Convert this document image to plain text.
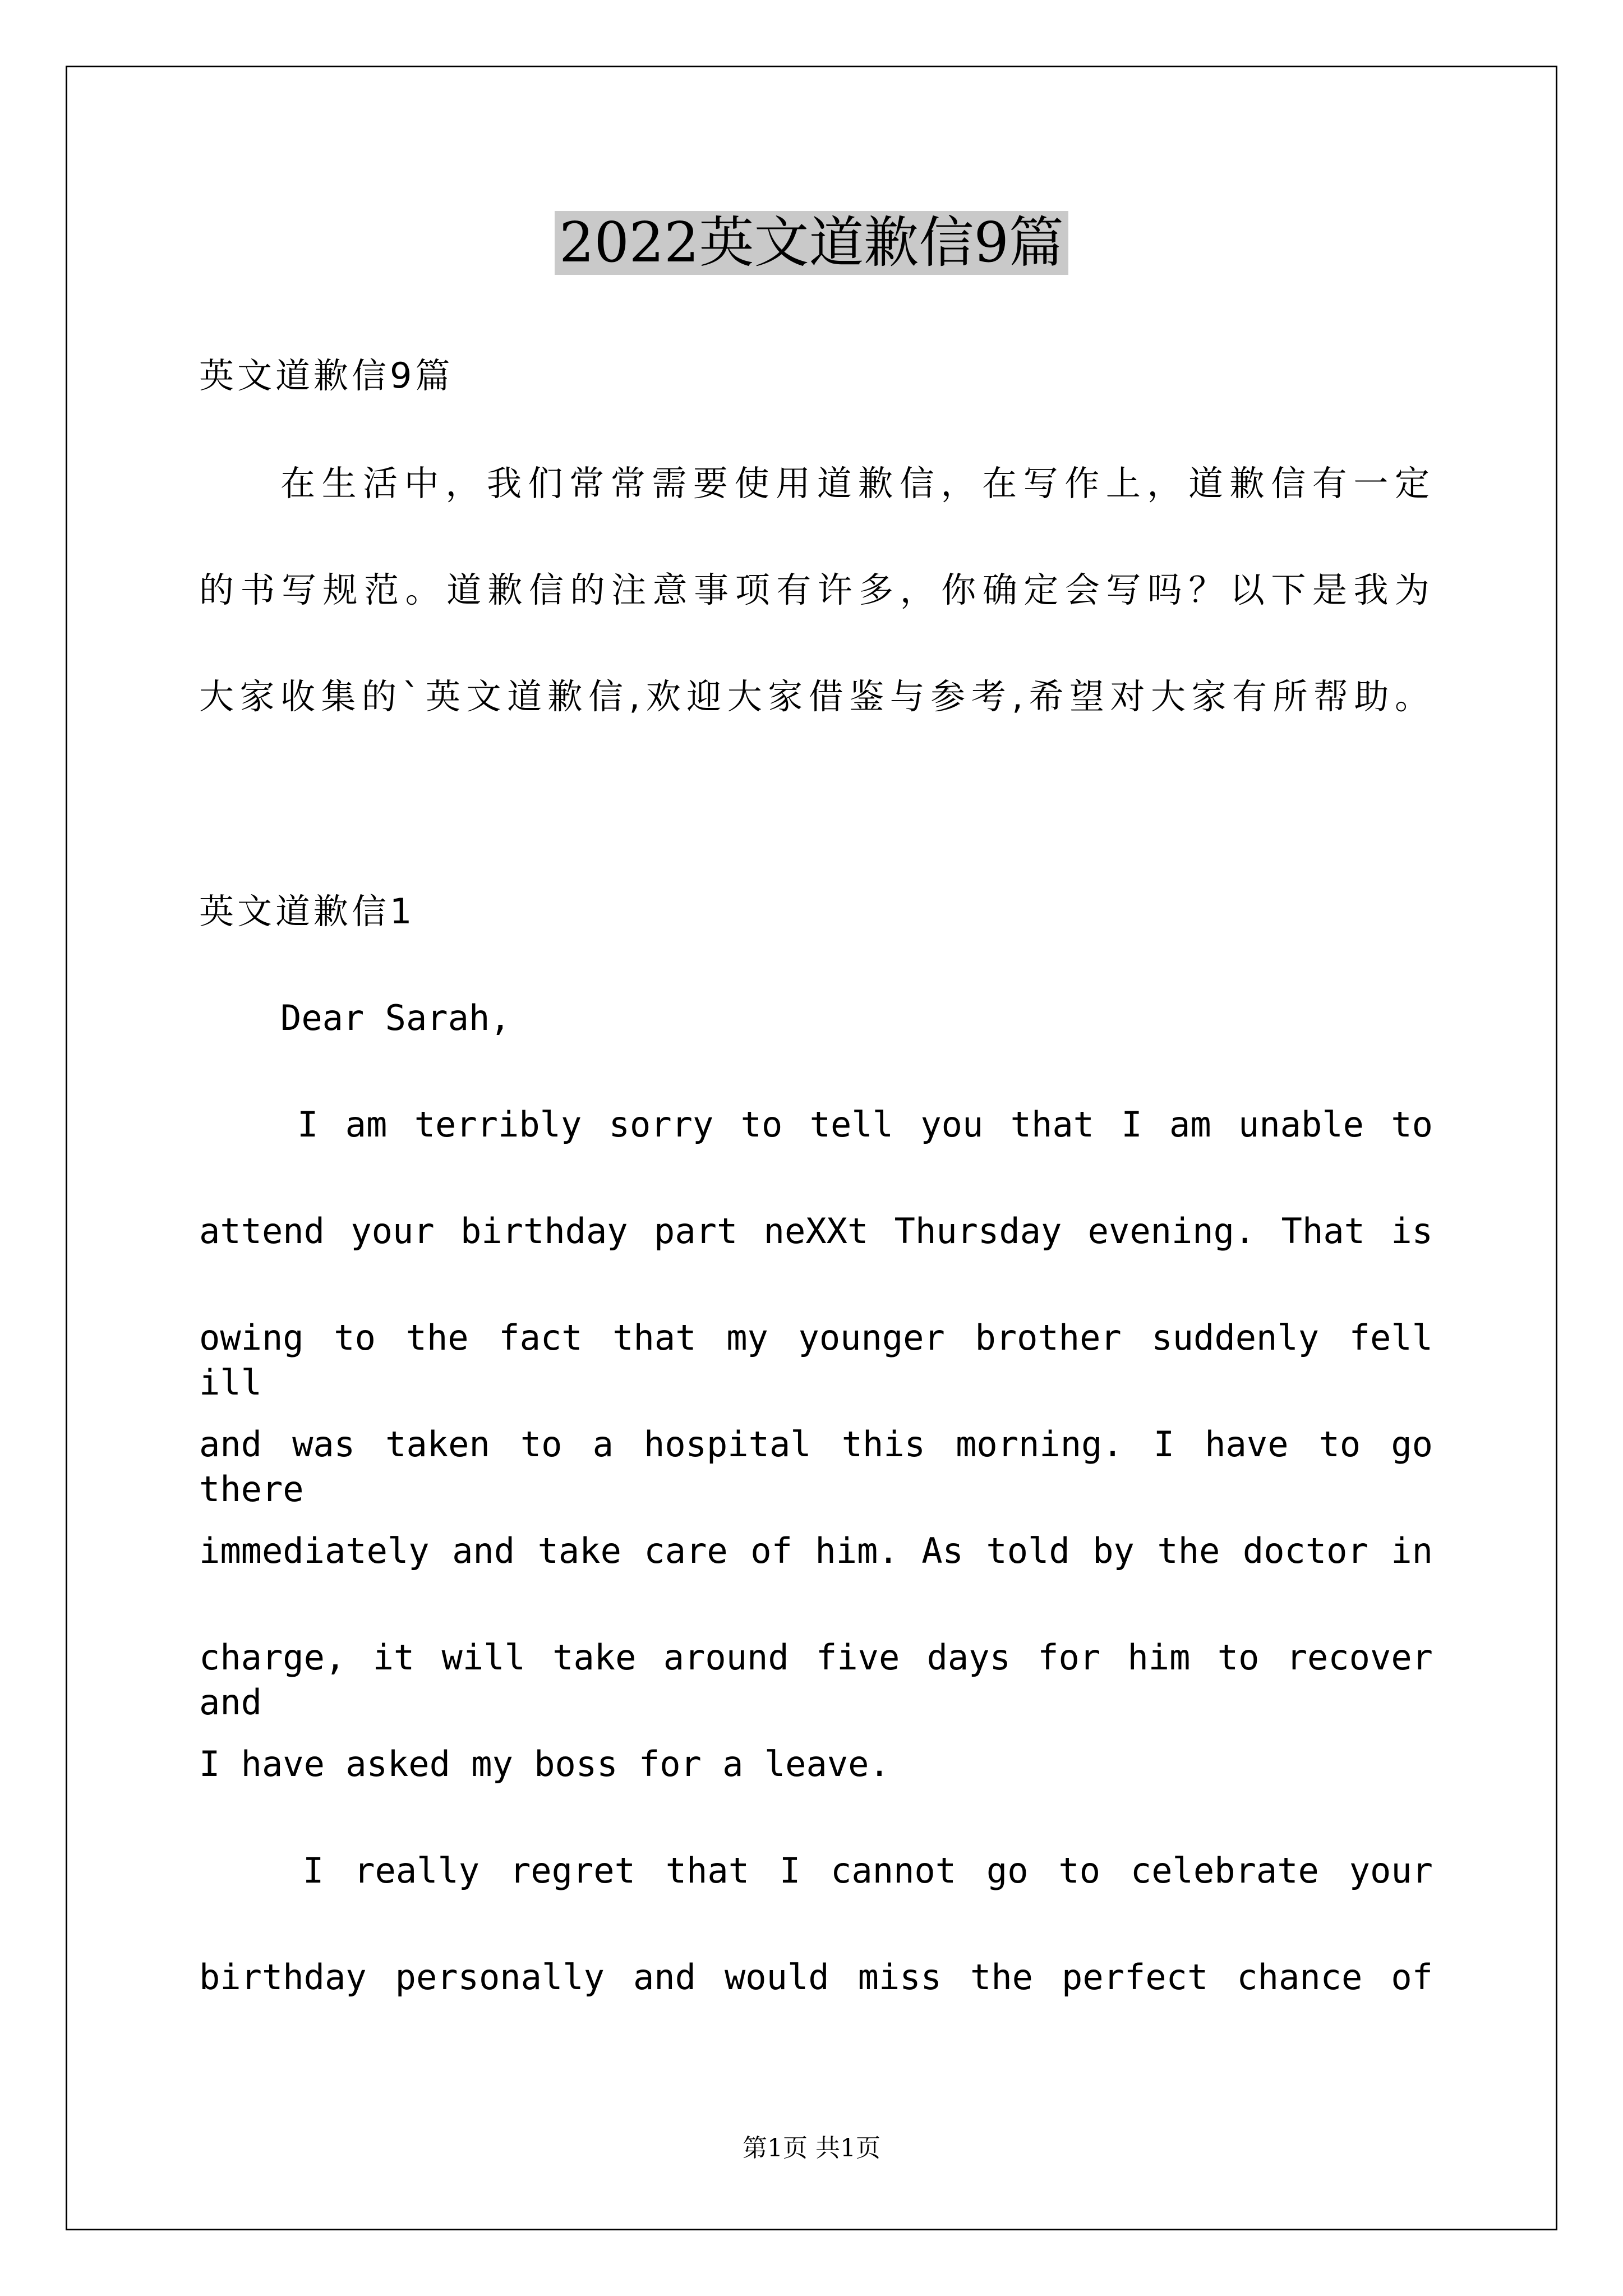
2022英文道歉信9篇
英文道歉信9篇
在生活中，我们常常需要使用道歉信，在写作上，道歉信有一定
的书写规范。道歉信的注意事项有许多，你确定会写吗？以下是我为
大家收集的`英文道歉信,欢迎大家借鉴与参考,希望对大家有所帮助。
英文道歉信1
Dear Sarah,
I am terribly sorry to tell you that I am unable to
attend your birthday part neXXt Thursday evening. That is
owing to the fact that my younger brother suddenly fell ill
and was taken to a hospital this morning. I have to go there
immediately and take care of him. As told by the doctor in
charge, it will take around five days for him to recover and
I have asked my boss for a leave.
I really regret that I cannot go to celebrate your
birthday personally and would miss the perfect chance of
第1页 共1页
